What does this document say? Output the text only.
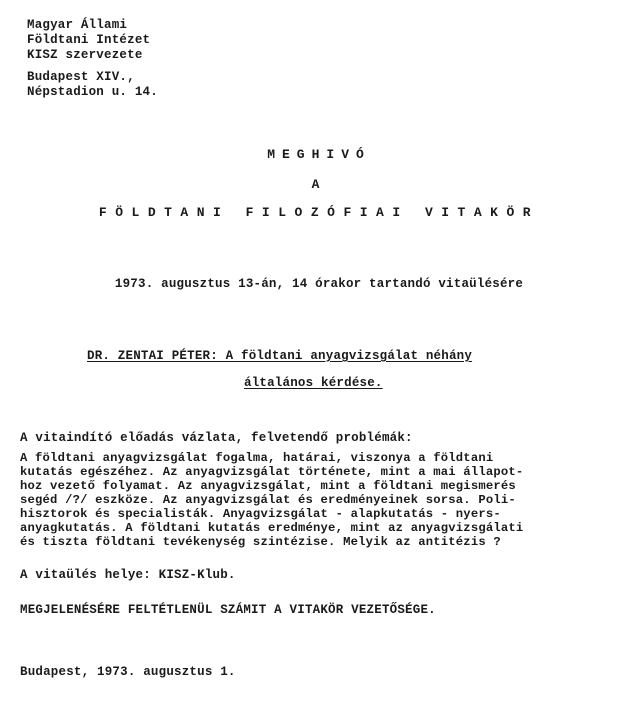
Magyar Állami
Földtani Intézet
KISZ szervezete
Budapest XIV.,
Népstadion u. 14.
MEGHIVÓ
A
FÖLDTANI FILOZÓFIAI VITAKÖR
1973. augusztus 13-án, 14 órakor tartandó vitaülésére
DR. ZENTAI PÉTER: A földtani anyagvizsgálat néhány
általános kérdése.
A vitaindító előadás vázlata, felvetendő problémák:
A földtani anyagvizsgálat fogalma, határai, viszonya a földtani
kutatás egészéhez. Az anyagvizsgálat története, mint a mai állapot-
hoz vezető folyamat. Az anyagvizsgálat, mint a földtani megismerés
segéd /?/ eszköze. Az anyagvizsgálat és eredményeinek sorsa. Poli-
hisztorok és specialisták. Anyagvizsgálat - alapkutatás - nyers-
anyagkutatás. A földtani kutatás eredménye, mint az anyagvizsgálati
és tiszta földtani tevékenység szintézise. Melyik az antitézis ?
A vitaülés helye: KISZ-Klub.
MEGJELENÉSÉRE FELTÉTLENÜL SZÁMIT A VITAKÖR VEZETŐSÉGE.
Budapest, 1973. augusztus 1.
